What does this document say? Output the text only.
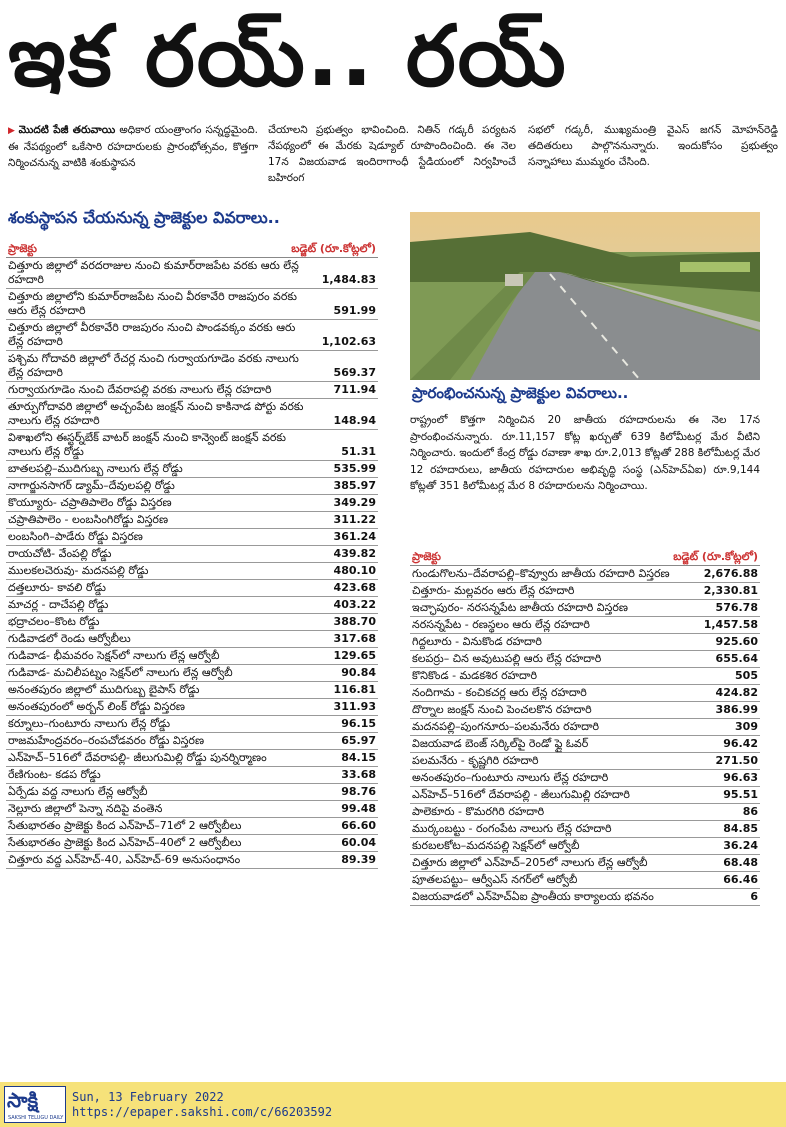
ఇక రయ్‌.. రయ్‌
▶ మొదటి పేజీ తరువాయి అధికార యంత్రాంగం సన్నద్ధమైంది. ఈ నేపథ్యంలో ఒకేసారి రహదారులకు ప్రారంభోత్సవం, కొత్తగా నిర్మించనున్న వాటికి శంకుస్థాపన
చేయాలని ప్రభుత్వం భావించింది. నితిన్‌ గడ్కరీ పర్యటన నేపథ్యంలో ఈ మేరకు షెడ్యూల్‌ రూపొందించింది. ఈ నెల 17న విజయవాడ ఇందిరాగాంధీ స్టేడియంలో నిర్వహించే బహిరంగ
సభలో గడ్కరీ, ముఖ్యమంత్రి వైఎస్‌ జగన్‌ మోహన్‌రెడ్డి తదితరులు పాల్గొననున్నారు. ఇందుకోసం ప్రభుత్వం సన్నాహాలు ముమ్మరం చేసింది.
శంకుస్థాపన చేయనున్న ప్రాజెక్టుల వివరాలు..
ప్రాజెక్టు	బడ్జెట్‌ (రూ.కోట్లలో)
చిత్తూరు జిల్లాలో వరదరాజుల నుంచి కుమార్‌రాజపేట వరకు ఆరు లేన్ల రహదారి	1,484.83
చిత్తూరు జిల్లాలోని కుమార్‌రాజపేట నుంచి వీరకావేరి రాజపురం వరకు ఆరు లేన్ల రహదారి	591.99
చిత్తూరు జిల్లాలో వీరకావేరి రాజపురం నుంచి పాండవక్కం వరకు ఆరు లేన్ల రహదారి	1,102.63
పశ్చిమ గోదావరి జిల్లాలో రేచర్ల నుంచి గుర్వాయగూడెం వరకు నాలుగు లేన్ల రహదారి	569.37
గుర్వాయగూడెం నుంచి దేవరాపల్లి వరకు నాలుగు లేన్ల రహదారి	711.94
తూర్పుగోదావరి జిల్లాలో అచ్చంపేట జంక్షన్‌ నుంచి కాకినాడ పోర్టు వరకు నాలుగు లేన్ల రహదారి	148.94
విశాఖలోని ఈస్టర్న్‌బేక్‌ వాటర్‌ జంక్షన్‌ నుంచి కాన్వెంట్‌ జంక్షన్‌ వరకు నాలుగు లేన్ల రోడ్డు	51.31
బాతలపల్లి–ముదిగుబ్బ నాలుగు లేన్ల రోడ్డు	535.99
నాగార్జునసాగర్‌ డ్యామ్‌–దేవులపల్లి రోడ్డు	385.97
కొయ్యూరు- చప్రాతిపాలెం రోడ్డు విస్తరణ	349.29
చప్రాతిపాలెం - లంబసింగిరోడ్డు విస్తరణ	311.22
లంబసింగి–పాడేరు రోడ్డు విస్తరణ	361.24
రాయచోటి- వేంపల్లి రోడ్డు	439.82
ములకలచెరువు- మదనపల్లి రోడ్డు	480.10
దత్తలూరు- కావలి రోడ్డు	423.68
మాచర్ల - దాచేపల్లి రోడ్డు	403.22
భద్రాచలం–కొంట రోడ్డు	388.70
గుడివాడలో రెండు ఆర్వోబీలు	317.68
గుడివాడ- భీమవరం సెక్షన్‌లో నాలుగు లేన్ల ఆర్వోబీ	129.65
గుడివాడ- మచిలీపట్నం సెక్షన్‌లో నాలుగు లేన్ల ఆర్వోబీ	90.84
అనంతపురం జిల్లాలో ముదిగుబ్బ బైపాస్‌ రోడ్డు	116.81
అనంతపురంలో అర్బన్‌ లింక్‌ రోడ్డు విస్తరణ	311.93
కర్నూలు–గుంటూరు నాలుగు లేన్ల రోడ్డు	96.15
రాజమహేంద్రవరం–రంపచోడవరం రోడ్డు విస్తరణ	65.97
ఎన్‌హెచ్‌–516లో దేవరాపల్లి- జీలుగుమిల్లి రోడ్డు పునర్నిర్మాణం	84.15
రేణిగుంట- కడప రోడ్డు	33.68
ఏర్పేడు వద్ద నాలుగు లేన్ల ఆర్వోబీ	98.76
నెల్లూరు జిల్లాలో పెన్నా నదిపై వంతెన	99.48
సేతుభారతం ప్రాజెక్టు కింద ఎన్‌హెచ్‌–71లో 2 ఆర్వోబీలు	66.60
సేతుభారతం ప్రాజెక్టు కింద ఎన్‌హెచ్‌–40లో 2 ఆర్వోబీలు	60.04
చిత్తూరు వద్ద ఎన్‌హెచ్‌-40, ఎన్‌హెచ్‌-69 అనుసంధానం	89.39
ప్రారంభించనున్న ప్రాజెక్టుల వివరాలు..
రాష్ట్రంలో కొత్తగా నిర్మించిన 20 జాతీయ రహదారులను ఈ నెల 17న ప్రారంభించనున్నారు. రూ.11,157 కోట్ల ఖర్చుతో 639 కిలోమీటర్ల మేర వీటిని నిర్మించారు. ఇందులో కేంద్ర రోడ్డు రవాణా శాఖ రూ.2,013 కోట్లతో 288 కిలోమీటర్ల మేర 12 రహదారులు, జాతీయ రహదారుల అభివృద్ధి సంస్థ (ఎన్‌హెచ్‌ఏఐ) రూ.9,144 కోట్లతో 351 కిలోమీటర్ల మేర 8 రహదారులను నిర్మించాయి.
ప్రాజెక్టు	బడ్జెట్‌ (రూ.కోట్లలో)
గుండుగొలను–దేవరాపల్లి–కొవ్వూరు జాతీయ రహదారి విస్తరణ	2,676.88
చిత్తూరు- మల్లవరం ఆరు లేన్ల రహదారి	2,330.81
ఇచ్ఛాపురం- నరసన్నపేట జాతీయ రహదారి విస్తరణ	576.78
నరసన్నపేట - రణస్థలం ఆరు లేన్ల రహదారి	1,457.58
గిద్దలూరు - వినుకొండ రహదారి	925.60
కలపర్రు– చిన అవుటుపల్లి ఆరు లేన్ల రహదారి	655.64
కొనికొండ - మడకశిర రహదారి	505
నందిగామ - కంచికచర్ల ఆరు లేన్ల రహదారి	424.82
దొర్నాల జంక్షన్‌ నుంచి పెంచలకొన రహదారి	386.99
మదనపల్లి–పుంగనూరు–పలమనేరు రహదారి	309
విజయవాడ బెంజ్‌ సర్కిల్‌పై రెండో ఫ్లై ఓవర్‌	96.42
పలమనేరు - కృష్ణగిరి రహదారి	271.50
అనంతపురం–గుంటూరు నాలుగు లేన్ల రహదారి	96.63
ఎన్‌హెచ్‌–516లో దేవరాపల్లి - జీలుగుమిల్లి రహదారి	95.51
పాలెకూరు - కొమరగిరి రహదారి	86
ముర్కంబట్టు - రంగంపేట నాలుగు లేన్ల రహదారి	84.85
కురబలకోట–మదనపల్లి సెక్షన్‌లో ఆర్వోబీ	36.24
చిత్తూరు జిల్లాలో ఎన్‌హెచ్‌–205లో నాలుగు లేన్ల ఆర్వోబీ	68.48
పూతలపట్టు– ఆర్వీఎస్‌ నగర్‌లో ఆర్వోబీ	66.46
విజయవాడలో ఎన్‌హెచ్‌ఏఐ ప్రాంతీయ కార్యాలయ భవనం	6
సాక్షి
SAKSHI TELUGU DAILY
Sun, 13 February 2022
https://epaper.sakshi.com/c/66203592
